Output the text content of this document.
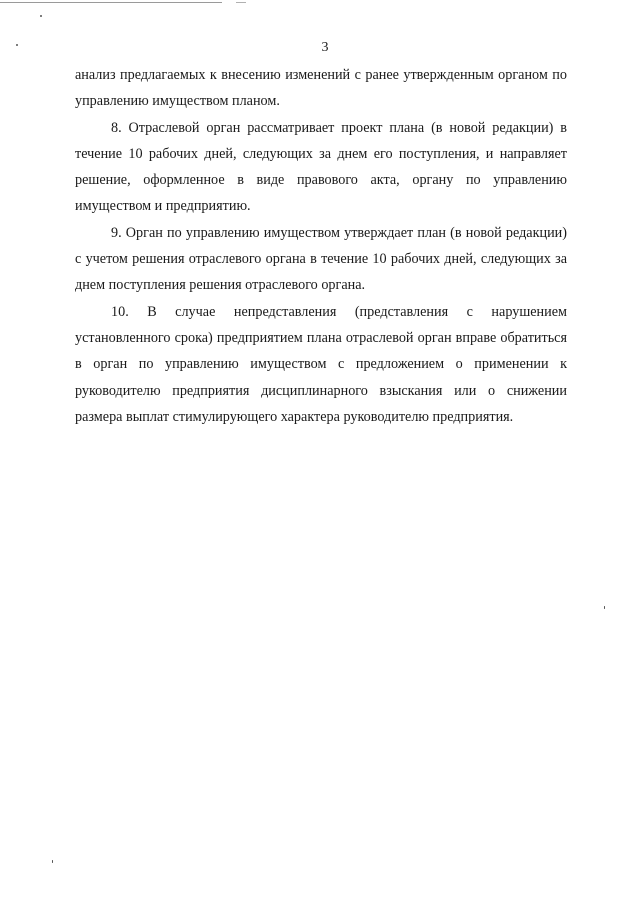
3

анализ предлагаемых к внесению изменений с ранее утвержденным органом по управлению имуществом планом.

8. Отраслевой орган рассматривает проект плана (в новой редакции) в течение 10 рабочих дней, следующих за днем его поступления, и направляет решение, оформленное в виде правового акта, органу по управлению имуществом и предприятию.

9. Орган по управлению имуществом утверждает план (в новой редакции) с учетом решения отраслевого органа в течение 10 рабочих дней, следующих за днем поступления решения отраслевого органа.

10. В случае непредставления (представления с нарушением установленного срока) предприятием плана отраслевой орган вправе обратиться в орган по управлению имуществом с предложением о применении к руководителю предприятия дисциплинарного взыскания или о снижении размера выплат стимулирующего характера руководителю предприятия.
